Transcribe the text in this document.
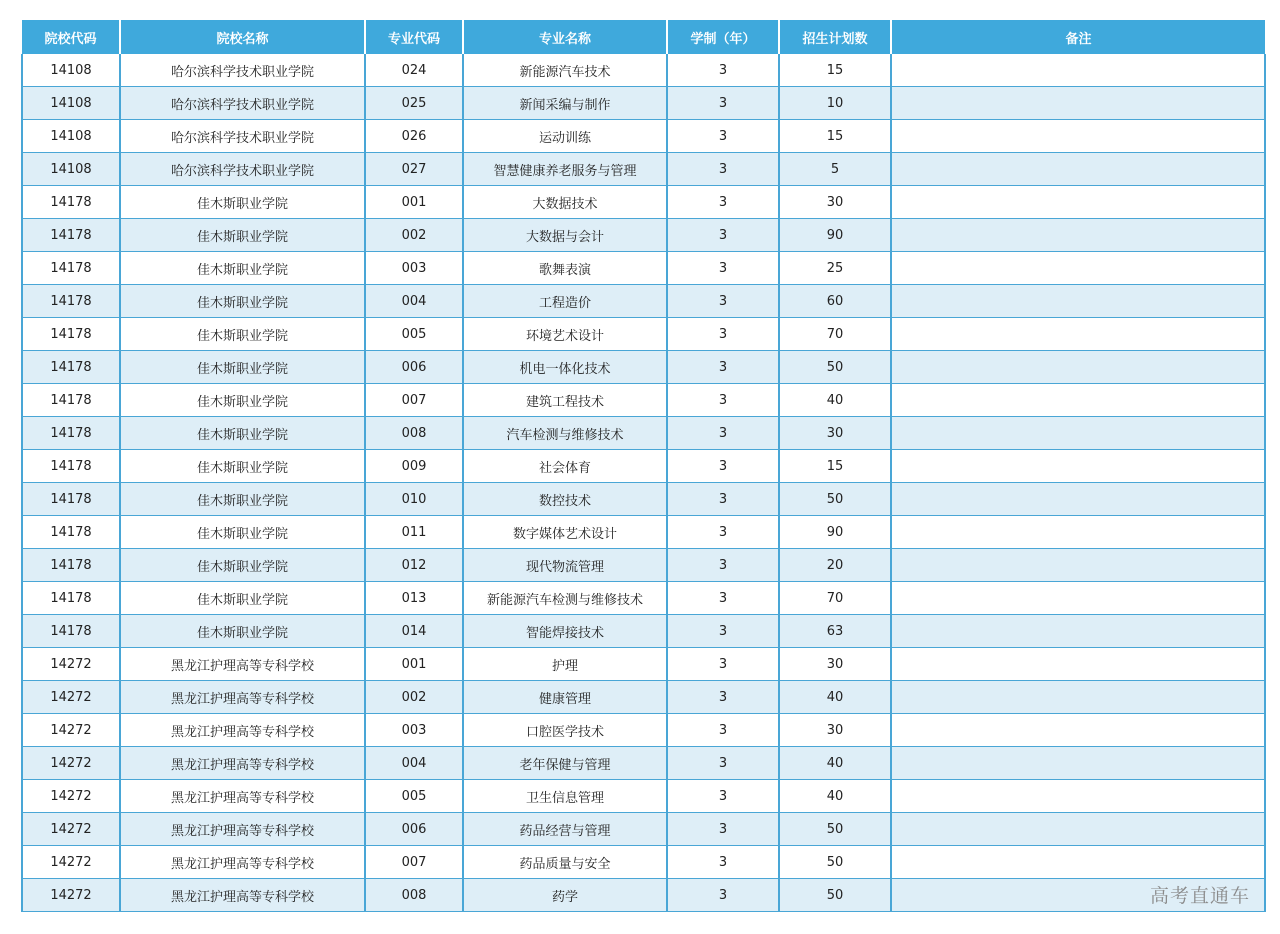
院校代码	院校名称	专业代码	专业名称	学制（年）	招生计划数	备注
14108	哈尔滨科学技术职业学院	024	新能源汽车技术	3	15	
14108	哈尔滨科学技术职业学院	025	新闻采编与制作	3	10	
14108	哈尔滨科学技术职业学院	026	运动训练	3	15	
14108	哈尔滨科学技术职业学院	027	智慧健康养老服务与管理	3	5	
14178	佳木斯职业学院	001	大数据技术	3	30	
14178	佳木斯职业学院	002	大数据与会计	3	90	
14178	佳木斯职业学院	003	歌舞表演	3	25	
14178	佳木斯职业学院	004	工程造价	3	60	
14178	佳木斯职业学院	005	环境艺术设计	3	70	
14178	佳木斯职业学院	006	机电一体化技术	3	50	
14178	佳木斯职业学院	007	建筑工程技术	3	40	
14178	佳木斯职业学院	008	汽车检测与维修技术	3	30	
14178	佳木斯职业学院	009	社会体育	3	15	
14178	佳木斯职业学院	010	数控技术	3	50	
14178	佳木斯职业学院	011	数字媒体艺术设计	3	90	
14178	佳木斯职业学院	012	现代物流管理	3	20	
14178	佳木斯职业学院	013	新能源汽车检测与维修技术	3	70	
14178	佳木斯职业学院	014	智能焊接技术	3	63	
14272	黑龙江护理高等专科学校	001	护理	3	30	
14272	黑龙江护理高等专科学校	002	健康管理	3	40	
14272	黑龙江护理高等专科学校	003	口腔医学技术	3	30	
14272	黑龙江护理高等专科学校	004	老年保健与管理	3	40	
14272	黑龙江护理高等专科学校	005	卫生信息管理	3	40	
14272	黑龙江护理高等专科学校	006	药品经营与管理	3	50	
14272	黑龙江护理高等专科学校	007	药品质量与安全	3	50	
14272	黑龙江护理高等专科学校	008	药学	3	50		高考直通车
